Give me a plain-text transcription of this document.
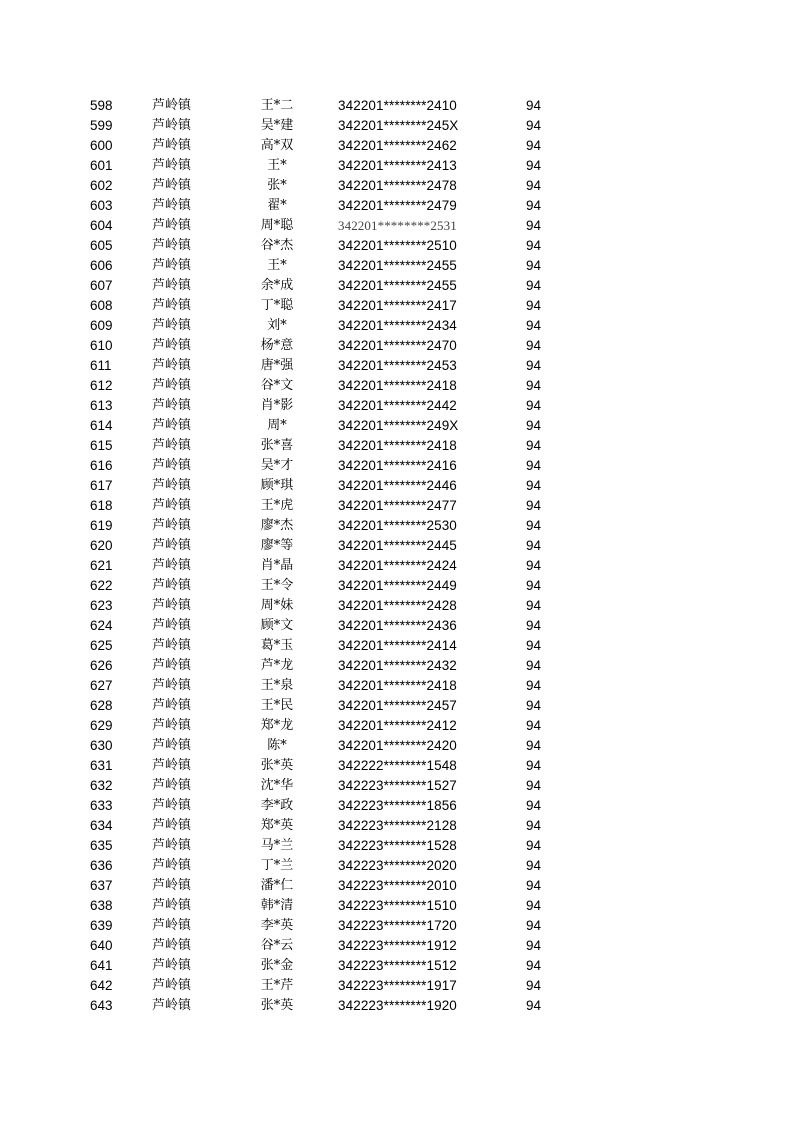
598	芦岭镇	王*二	342201********2410	94
599	芦岭镇	吴*建	342201********245X	94
600	芦岭镇	高*双	342201********2462	94
601	芦岭镇	王*	342201********2413	94
602	芦岭镇	张*	342201********2478	94
603	芦岭镇	翟*	342201********2479	94
604	芦岭镇	周*聪	342201********2531	94
605	芦岭镇	谷*杰	342201********2510	94
606	芦岭镇	王*	342201********2455	94
607	芦岭镇	余*成	342201********2455	94
608	芦岭镇	丁*聪	342201********2417	94
609	芦岭镇	刘*	342201********2434	94
610	芦岭镇	杨*意	342201********2470	94
611	芦岭镇	唐*强	342201********2453	94
612	芦岭镇	谷*文	342201********2418	94
613	芦岭镇	肖*影	342201********2442	94
614	芦岭镇	周*	342201********249X	94
615	芦岭镇	张*喜	342201********2418	94
616	芦岭镇	吴*才	342201********2416	94
617	芦岭镇	顾*琪	342201********2446	94
618	芦岭镇	王*虎	342201********2477	94
619	芦岭镇	廖*杰	342201********2530	94
620	芦岭镇	廖*等	342201********2445	94
621	芦岭镇	肖*晶	342201********2424	94
622	芦岭镇	王*令	342201********2449	94
623	芦岭镇	周*妹	342201********2428	94
624	芦岭镇	顾*文	342201********2436	94
625	芦岭镇	葛*玉	342201********2414	94
626	芦岭镇	芦*龙	342201********2432	94
627	芦岭镇	王*泉	342201********2418	94
628	芦岭镇	王*民	342201********2457	94
629	芦岭镇	郑*龙	342201********2412	94
630	芦岭镇	陈*	342201********2420	94
631	芦岭镇	张*英	342222********1548	94
632	芦岭镇	沈*华	342223********1527	94
633	芦岭镇	李*政	342223********1856	94
634	芦岭镇	郑*英	342223********2128	94
635	芦岭镇	马*兰	342223********1528	94
636	芦岭镇	丁*兰	342223********2020	94
637	芦岭镇	潘*仁	342223********2010	94
638	芦岭镇	韩*清	342223********1510	94
639	芦岭镇	李*英	342223********1720	94
640	芦岭镇	谷*云	342223********1912	94
641	芦岭镇	张*金	342223********1512	94
642	芦岭镇	王*芹	342223********1917	94
643	芦岭镇	张*英	342223********1920	94
